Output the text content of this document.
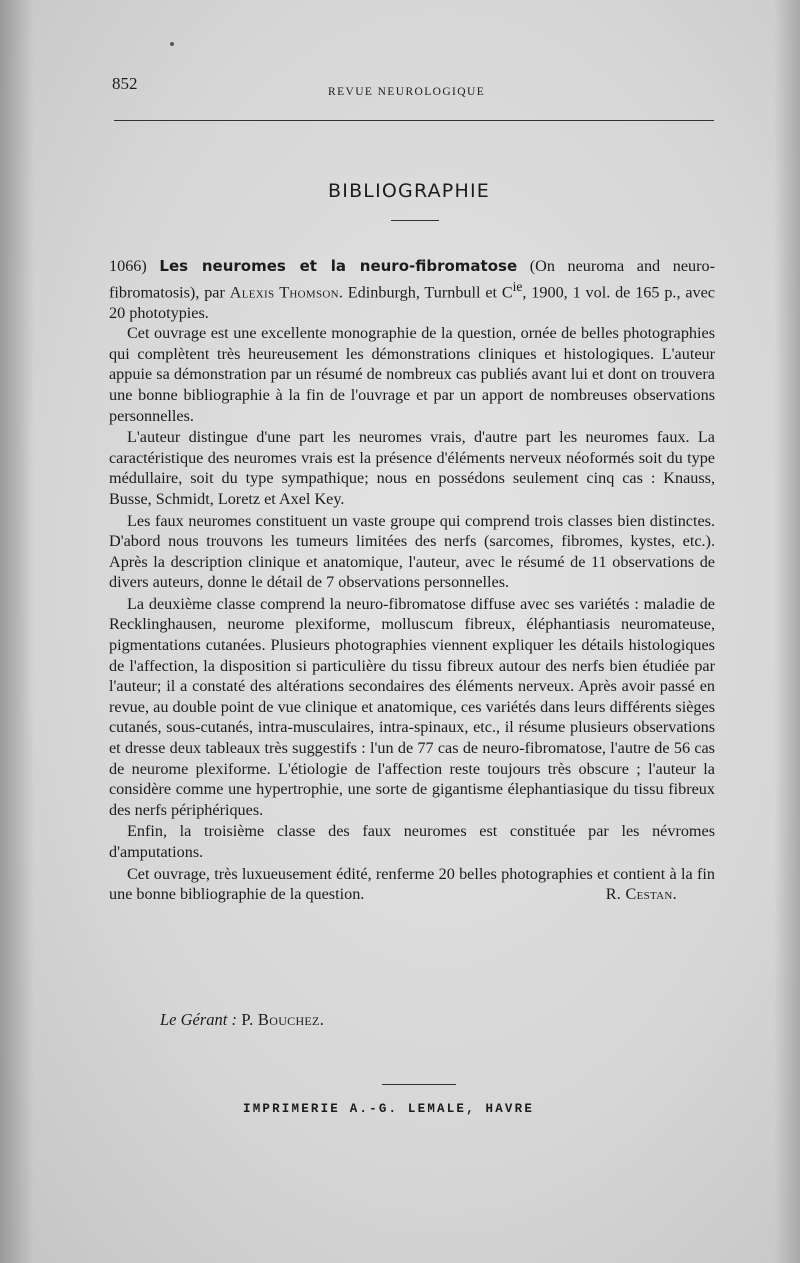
852	REVUE NEUROLOGIQUE
BIBLIOGRAPHIE

1066) Les neuromes et la neuro-fibromatose (On neuroma and neuro-fibromatosis), par Alexis Thomson. Edinburgh, Turnbull et $C^{ie}$, 1900, 1 vol. de 165 p., avec 20 phototypies.

Cet ouvrage est une excellente monographie de la question, ornée de belles photographies qui complètent très heureusement les démonstrations cliniques et histologiques. L'auteur appuie sa démonstration par un résumé de nombreux cas publiés avant lui et dont on trouvera une bonne bibliographie à la fin de l'ouvrage et par un apport de nombreuses observations personnelles.

L'auteur distingue d'une part les neuromes vrais, d'autre part les neuromes faux. La caractéristique des neuromes vrais est la présence d'éléments nerveux néoformés soit du type médullaire, soit du type sympathique; nous en possédons seulement cinq cas : Knauss, Busse, Schmidt, Loretz et Axel Key.

Les faux neuromes constituent un vaste groupe qui comprend trois classes bien distinctes. D'abord nous trouvons les tumeurs limitées des nerfs (sarcomes, fibromes, kystes, etc.). Après la description clinique et anatomique, l'auteur, avec le résumé de 11 observations de divers auteurs, donne le détail de 7 observations personnelles.

La deuxième classe comprend la neuro-fibromatose diffuse avec ses variétés : maladie de Recklinghausen, neurome plexiforme, molluscum fibreux, éléphantiasis neuromateuse, pigmentations cutanées. Plusieurs photographies viennent expliquer les détails histologiques de l'affection, la disposition si particulière du tissu fibreux autour des nerfs bien étudiée par l'auteur; il a constaté des altérations secondaires des éléments nerveux. Après avoir passé en revue, au double point de vue clinique et anatomique, ces variétés dans leurs différents sièges cutanés, sous-cutanés, intra-musculaires, intra-spinaux, etc., il résume plusieurs observations et dresse deux tableaux très suggestifs : l'un de 77 cas de neuro-fibromatose, l'autre de 56 cas de neurome plexiforme. L'étiologie de l'affection reste toujours très obscure ; l'auteur la considère comme une hypertrophie, une sorte de gigantisme élephantiasique du tissu fibreux des nerfs périphériques.

Enfin, la troisième classe des faux neuromes est constituée par les névromes d'amputations.

Cet ouvrage, très luxueusement édité, renferme 20 belles photographies et contient à la fin une bonne bibliographie de la question.	R. Cestan.

Le Gérant : P. Bouchez.
IMPRIMERIE A.-G. LEMALE, HAVRE
